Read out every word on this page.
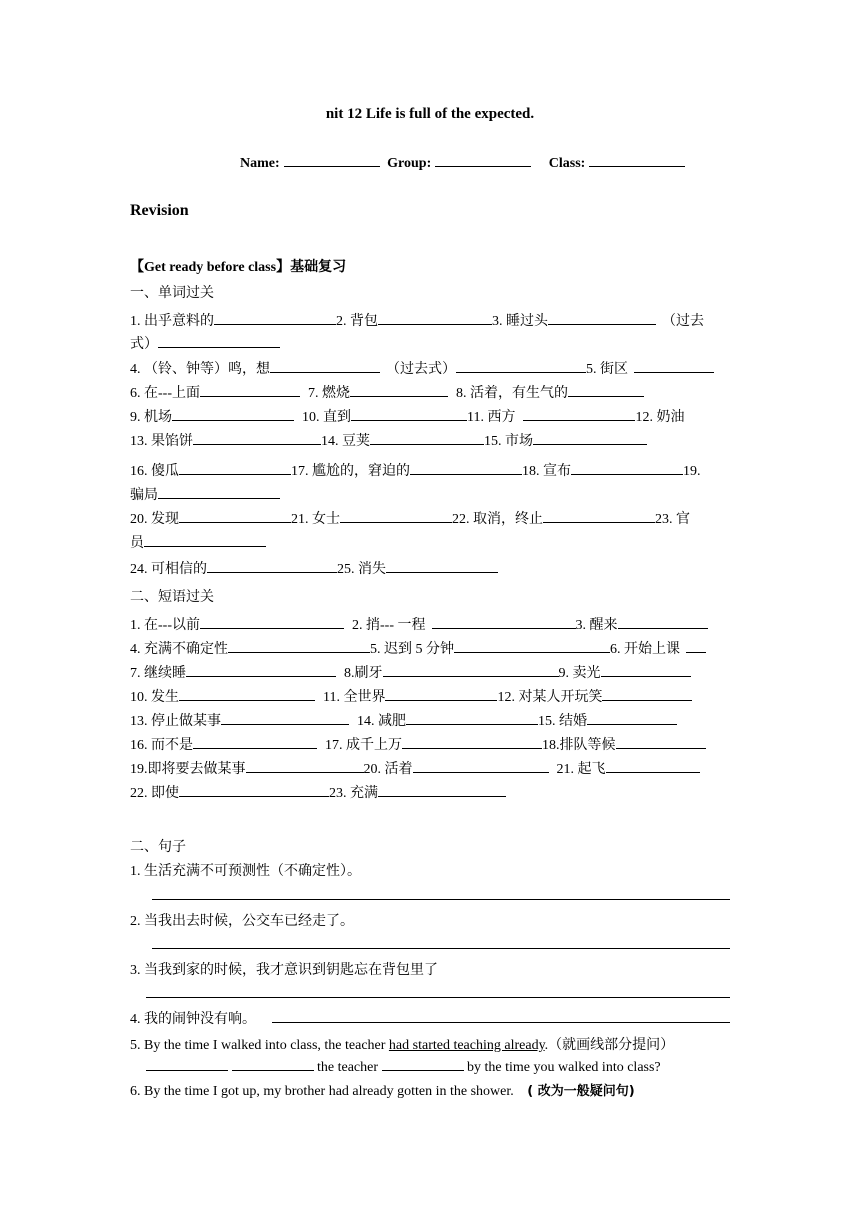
nit 12 Life is full of the expected.
Name:	Group:	Class:
Revision
【Get ready before class】基础复习
一、单词过关
1. 出乎意料的	2. 背包	3. 睡过头	（过去
式）
4. （铃、钟等）鸣，想	（过去式）	5. 街区
6. 在---上面	7. 燃烧	8. 活着，有生气的
9. 机场	10. 直到	11. 西方	12. 奶油
13. 果馅饼	14. 豆荚	15. 市场
16. 傻瓜	17. 尴尬的，窘迫的	18. 宣布	19.
骗局
20. 发现	21. 女士	22. 取消，终止	23. 官
员
24. 可相信的	25. 消失
二、短语过关
1. 在---以前	2. 捎--- 一程	3. 醒来
4. 充满不确定性	5. 迟到 5 分钟	6. 开始上课
7. 继续睡	8.刷牙	9. 卖光
10. 发生	11. 全世界	12. 对某人开玩笑
13. 停止做某事	14. 减肥	15. 结婚
16. 而不是	17. 成千上万	18.排队等候
19.即将要去做某事	20. 活着	21. 起飞
22. 即使	23. 充满
二、句子
1. 生活充满不可预测性（不确定性）。
2. 当我出去时候，公交车已经走了。
3. 当我到家的时候，我才意识到钥匙忘在背包里了
4. 我的闹钟没有响。
5. By the time I walked into class, the teacher had started teaching already.（就画线部分提问）
the teacher	by the time you walked into class?
6. By the time I got up, my brother had already gotten in the shower. ( 改为一般疑问句)
